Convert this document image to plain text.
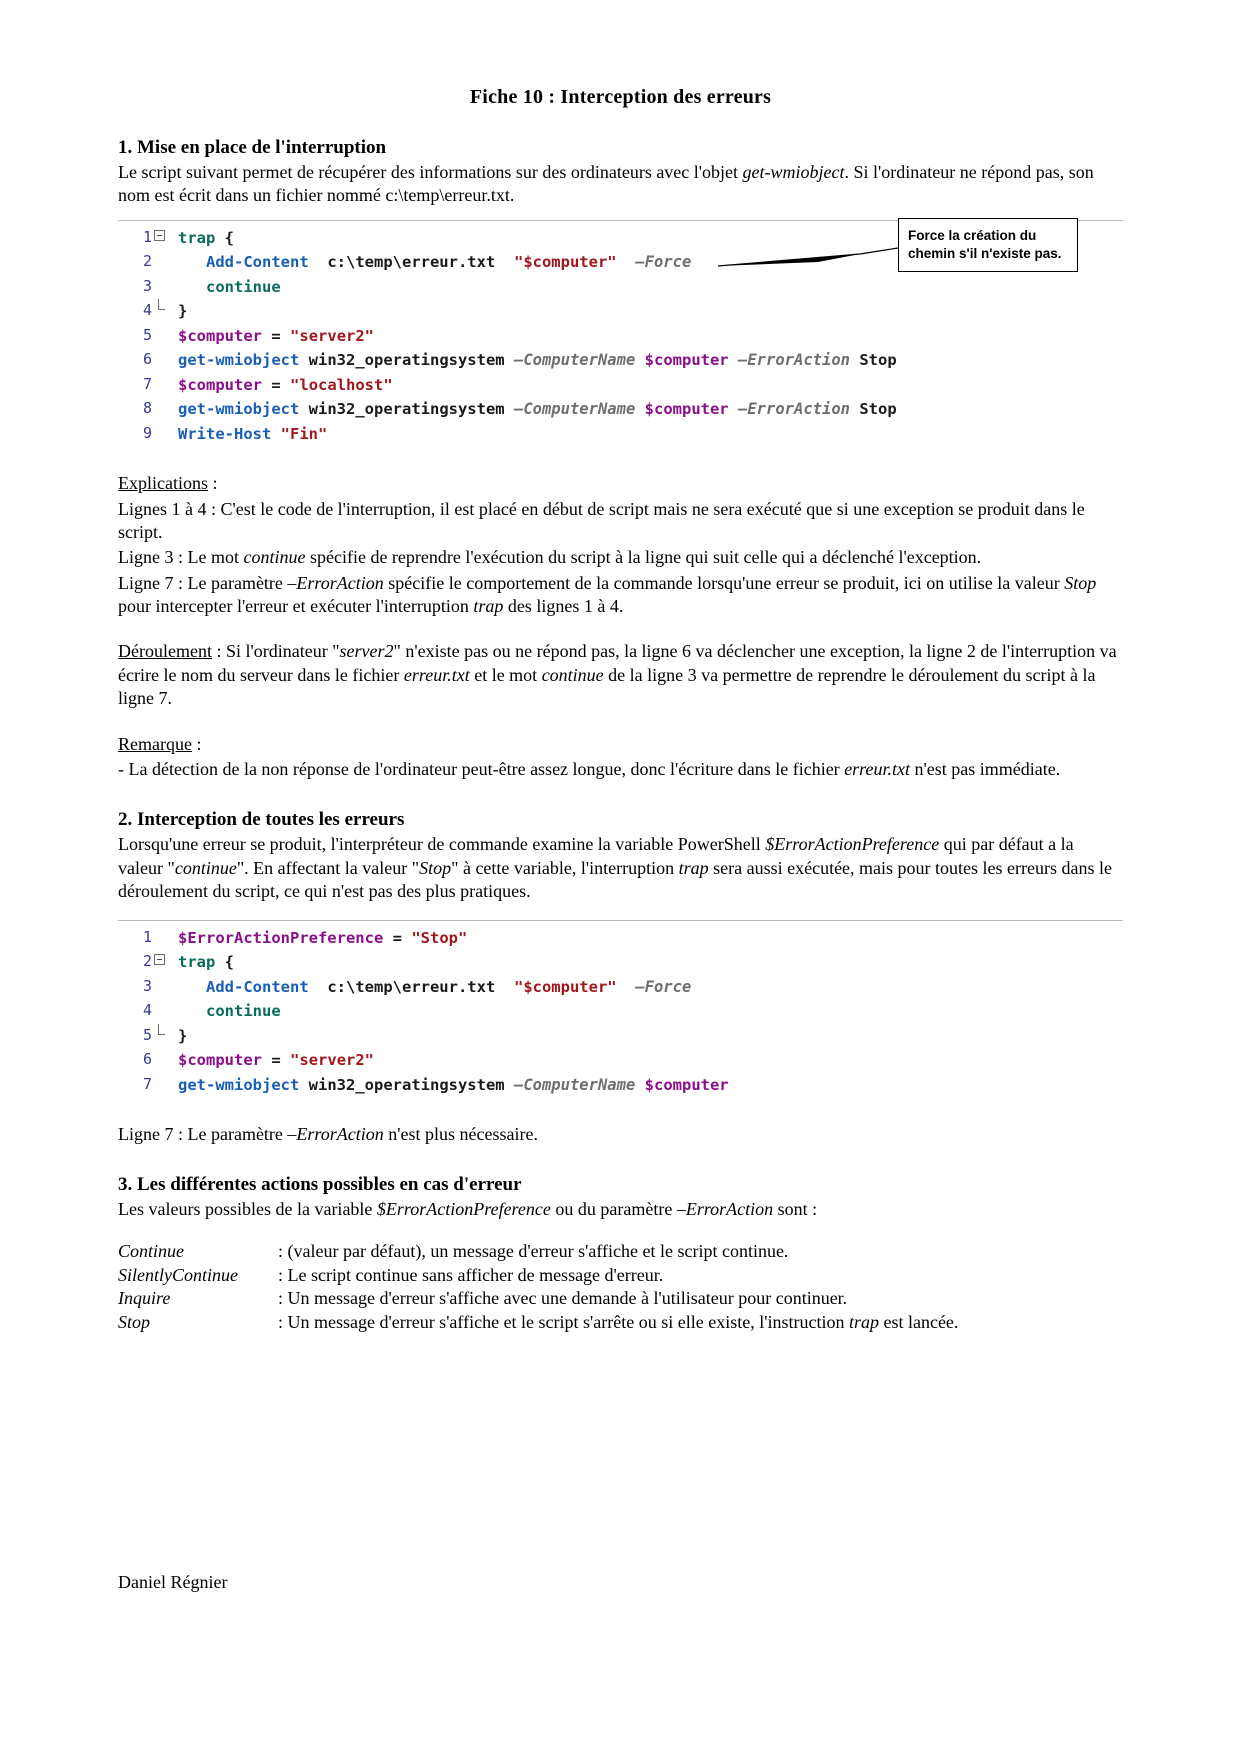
Fiche 10 : Interception des erreurs
1. Mise en place de l'interruption

Le script suivant permet de récupérer des informations sur des ordinateurs avec l'objet get-wmiobject. Si l'ordinateur ne répond pas, son nom est écrit dans un fichier nommé c:\temp\erreur.txt.

Force la création du chemin s'il n'existe pas.
1 trap {
2	Add-Content c:\temp\erreur.txt "$computer" –Force
3	continue
4 }
5 $computer = "server2"
6 get-wmiobject win32_operatingsystem –ComputerName $computer –ErrorAction Stop
7 $computer = "localhost"
8 get-wmiobject win32_operatingsystem –ComputerName $computer –ErrorAction Stop
9 Write-Host "Fin"

Explications :

Lignes 1 à 4 : C'est le code de l'interruption, il est placé en début de script mais ne sera exécuté que si une exception se produit dans le script.

Ligne 3 : Le mot continue spécifie de reprendre l'exécution du script à la ligne qui suit celle qui a déclenché l'exception.

Ligne 7 : Le paramètre –ErrorAction spécifie le comportement de la commande lorsqu'une erreur se produit, ici on utilise la valeur Stop pour intercepter l'erreur et exécuter l'interruption trap des lignes 1 à 4.

Déroulement : Si l'ordinateur "server2" n'existe pas ou ne répond pas, la ligne 6 va déclencher une exception, la ligne 2 de l'interruption va écrire le nom du serveur dans le fichier erreur.txt et le mot continue de la ligne 3 va permettre de reprendre le déroulement du script à la ligne 7.

Remarque :

- La détection de la non réponse de l'ordinateur peut-être assez longue, donc l'écriture dans le fichier erreur.txt n'est pas immédiate.

2. Interception de toutes les erreurs

Lorsqu'une erreur se produit, l'interpréteur de commande examine la variable PowerShell $ErrorActionPreference qui par défaut a la valeur "continue". En affectant la valeur "Stop" à cette variable, l'interruption trap sera aussi exécutée, mais pour toutes les erreurs dans le déroulement du script, ce qui n'est pas des plus pratiques.

1 $ErrorActionPreference = "Stop"
2 trap {
3	Add-Content c:\temp\erreur.txt "$computer" –Force
4	continue
5 }
6 $computer = "server2"
7 get-wmiobject win32_operatingsystem –ComputerName $computer

Ligne 7 : Le paramètre –ErrorAction n'est plus nécessaire.

3. Les différentes actions possibles en cas d'erreur

Les valeurs possibles de la variable $ErrorActionPreference ou du paramètre –ErrorAction sont :

Continue	: (valeur par défaut), un message d'erreur s'affiche et le script continue.
SilentlyContinue	: Le script continue sans afficher de message d'erreur.
Inquire	: Un message d'erreur s'affiche avec une demande à l'utilisateur pour continuer.
Stop	: Un message d'erreur s'affiche et le script s'arrête ou si elle existe, l'instruction trap est lancée.
Daniel Régnier
